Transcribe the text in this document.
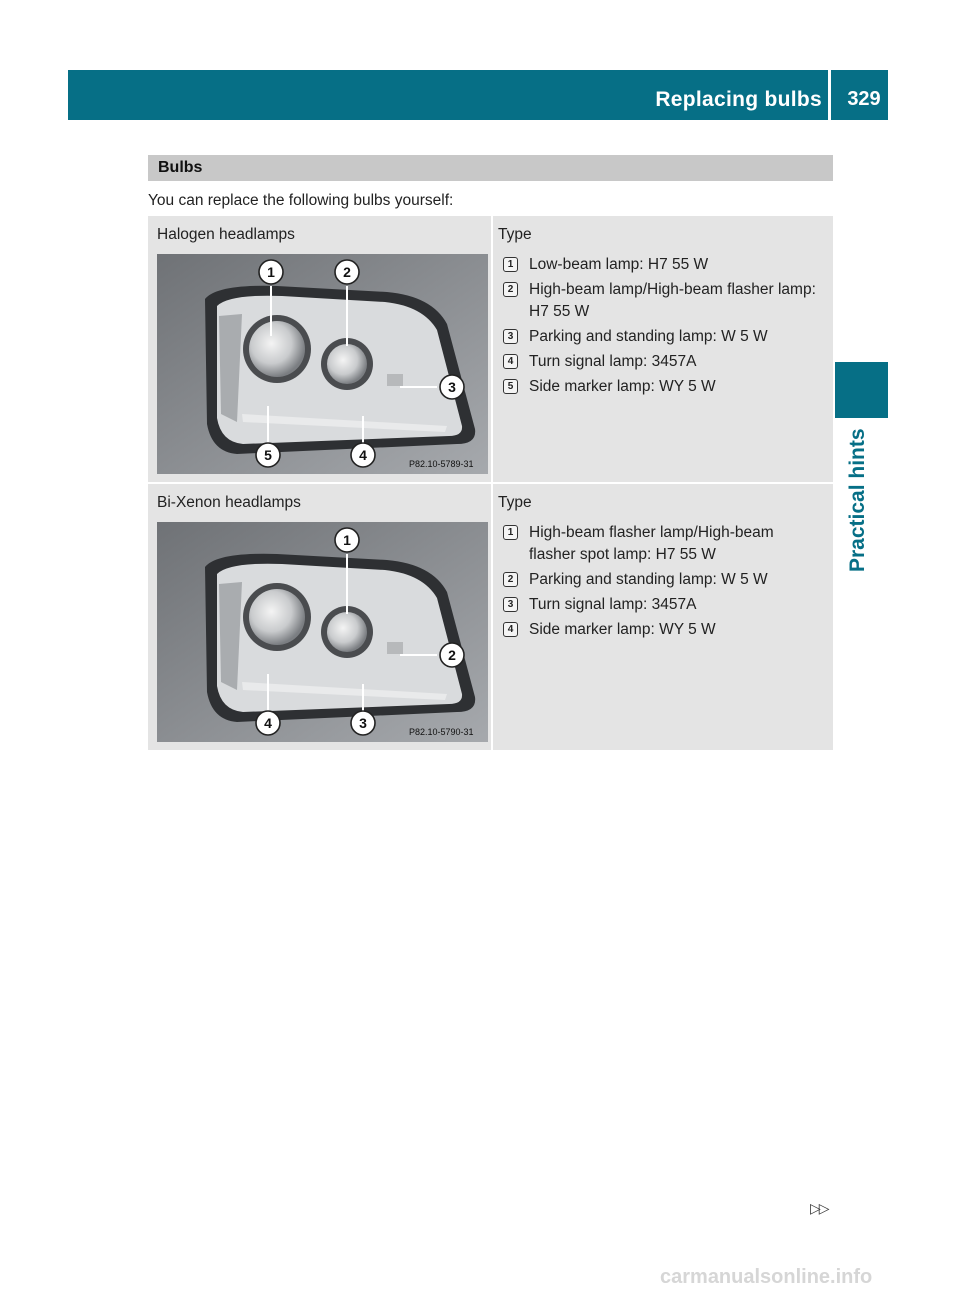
Replacing bulbs	329
Practical hints
Bulbs
You can replace the following bulbs yourself:
Halogen headlamps	Type
1	2
3
4
5
P82.10-5789-31
1	Low-beam lamp: H7 55 W
2	High-beam lamp/High-beam flasher lamp: H7 55 W
3	Parking and standing lamp: W 5 W
4	Turn signal lamp: 3457A
5	Side marker lamp: WY 5 W
Bi-Xenon headlamps	Type
1
2
3
4
P82.10-5790-31
1	High-beam flasher lamp/High-beam flasher spot lamp: H7 55 W
2	Parking and standing lamp: W 5 W
3	Turn signal lamp: 3457A
4	Side marker lamp: WY 5 W
▷▷
carmanualsonline.info
